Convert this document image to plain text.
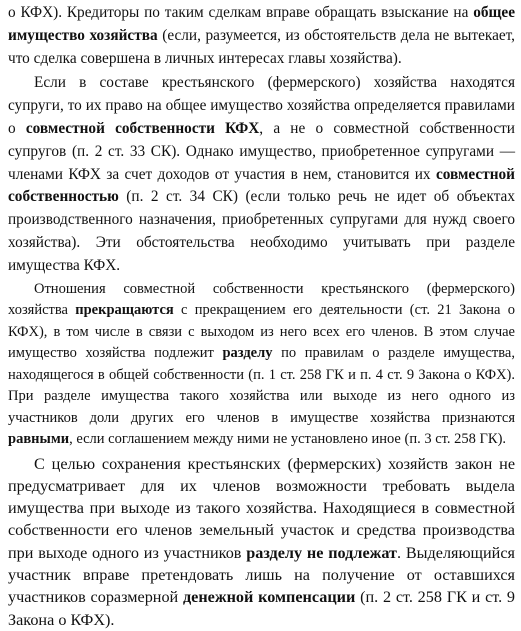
о КФХ). Кредиторы по таким сделкам вправе обращать взыскание на общее имущество хозяйства (если, разумеется, из обстоятельств дела не вытекает, что сделка совершена в личных интересах главы хозяйства).

Если в составе крестьянского (фермерского) хозяйства находятся супруги, то их право на общее имущество хозяйства определяется правилами о совместной собственности КФХ, а не о совместной собственности супругов (п. 2 ст. 33 СК). Однако имущество, приобретенное супругами — членами КФХ за счет доходов от участия в нем, становится их совместной собственностью (п. 2 ст. 34 СК) (если только речь не идет об объектах производственного назначения, приобретенных супругами для нужд своего хозяйства). Эти обстоятельства необходимо учитывать при разделе имущества КФХ.

Отношения совместной собственности крестьянского (фермерского) хозяйства прекращаются с прекращением его деятельности (ст. 21 Закона о КФХ), в том числе в связи с выходом из него всех его членов. В этом случае имущество хозяйства подлежит разделу по правилам о разделе имущества, находящегося в общей собственности (п. 1 ст. 258 ГК и п. 4 ст. 9 Закона о КФХ). При разделе имущества такого хозяйства или выходе из него одного из участников доли других его членов в имуществе хозяйства признаются равными, если соглашением между ними не установлено иное (п. 3 ст. 258 ГК).

С целью сохранения крестьянских (фермерских) хозяйств закон не предусматривает для их членов возможности требовать выдела имущества при выходе из такого хозяйства. Находящиеся в совместной собственности его членов земельный участок и средства производства при выходе одного из участников разделу не подлежат. Выделяющийся участник вправе претендовать лишь на получение от оставшихся участников соразмерной денежной компенсации (п. 2 ст. 258 ГК и ст. 9 Закона о КФХ).
